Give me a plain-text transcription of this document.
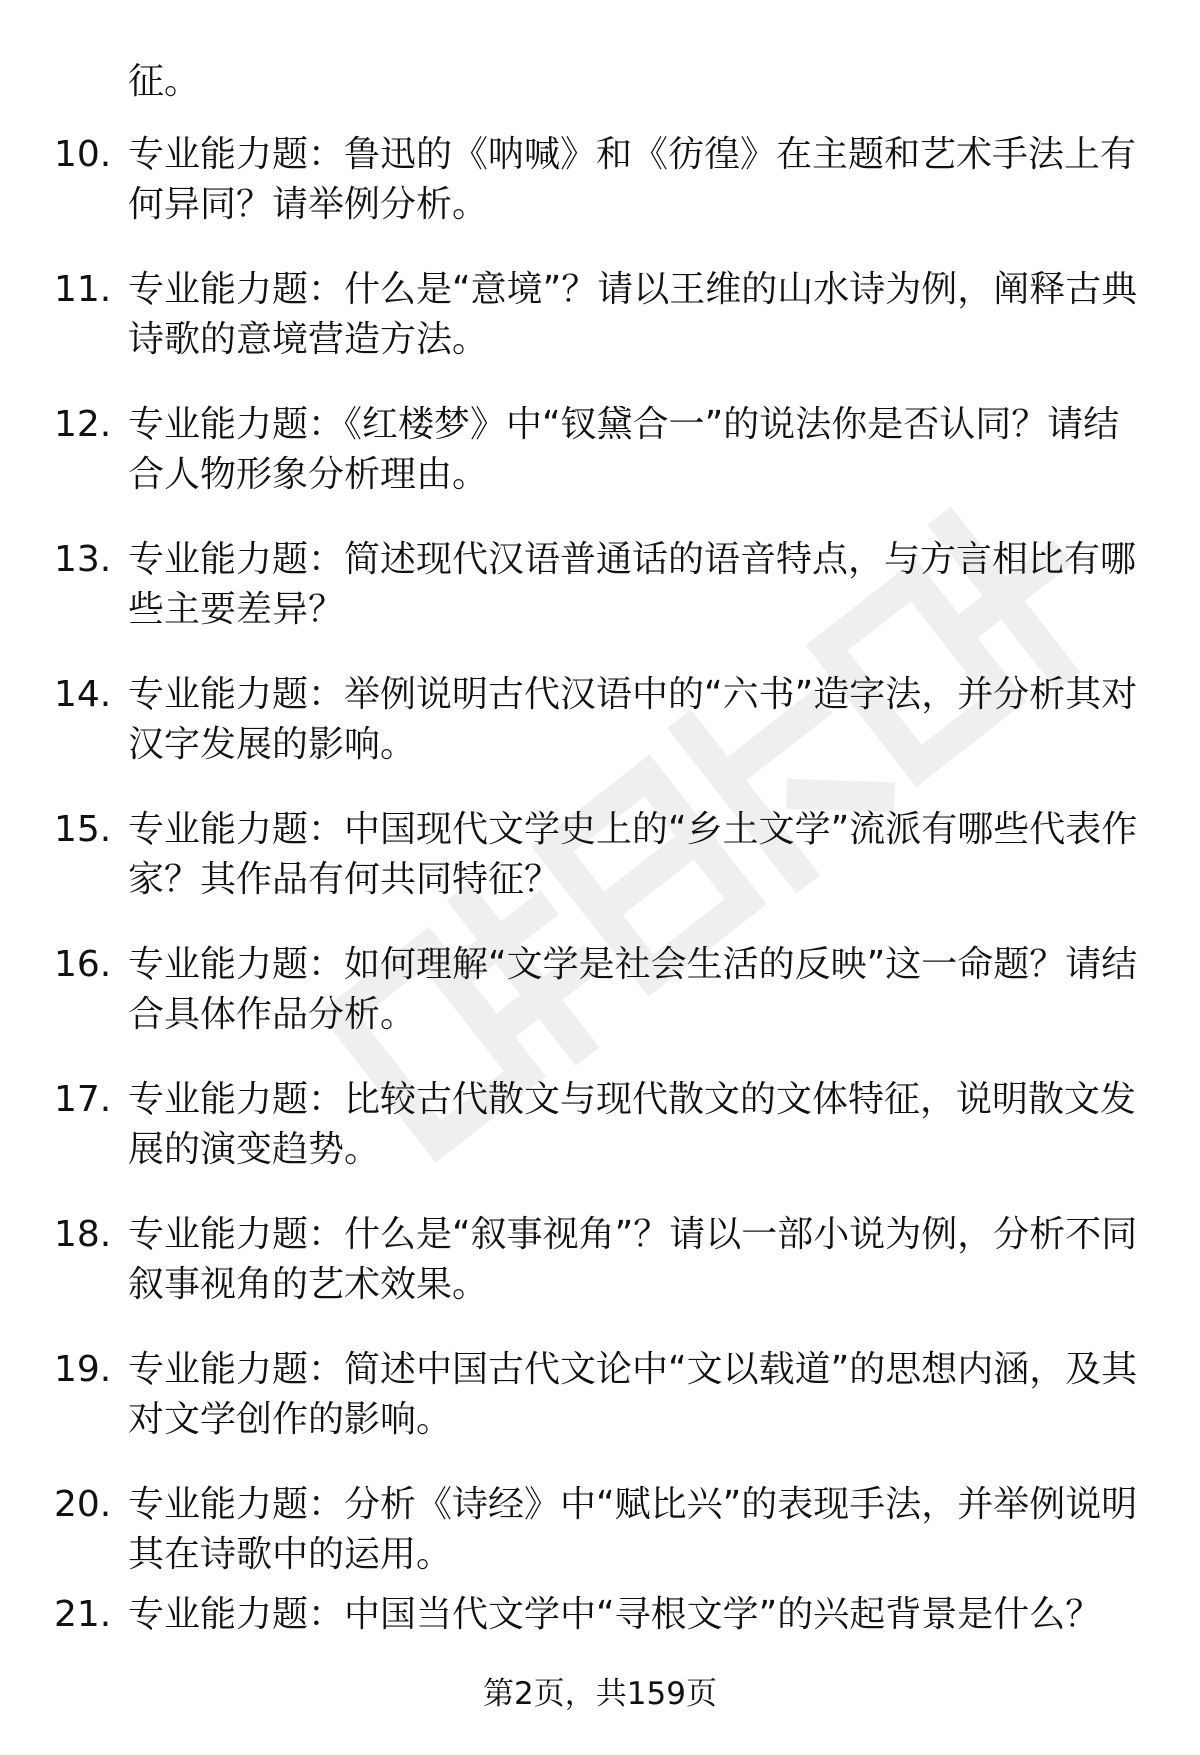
征。
10. 专业能力题：鲁迅的《呐喊》和《彷徨》在主题和艺术手法上有何异同？请举例分析。
11. 专业能力题：什么是“意境”？请以王维的山水诗为例，阐释古典诗歌的意境营造方法。
12. 专业能力题：《红楼梦》中“钗黛合一”的说法你是否认同？请结合人物形象分析理由。
13. 专业能力题：简述现代汉语普通话的语音特点，与方言相比有哪些主要差异？
14. 专业能力题：举例说明古代汉语中的“六书”造字法，并分析其对汉字发展的影响。
15. 专业能力题：中国现代文学史上的“乡土文学”流派有哪些代表作家？其作品有何共同特征？
16. 专业能力题：如何理解“文学是社会生活的反映”这一命题？请结合具体作品分析。
17. 专业能力题：比较古代散文与现代散文的文体特征，说明散文发展的演变趋势。
18. 专业能力题：什么是“叙事视角”？请以一部小说为例，分析不同叙事视角的艺术效果。
19. 专业能力题：简述中国古代文论中“文以载道”的思想内涵，及其对文学创作的影响。
20. 专业能力题：分析《诗经》中“赋比兴”的表现手法，并举例说明其在诗歌中的运用。
21. 专业能力题：中国当代文学中“寻根文学”的兴起背景是什么？
第2页，共159页
